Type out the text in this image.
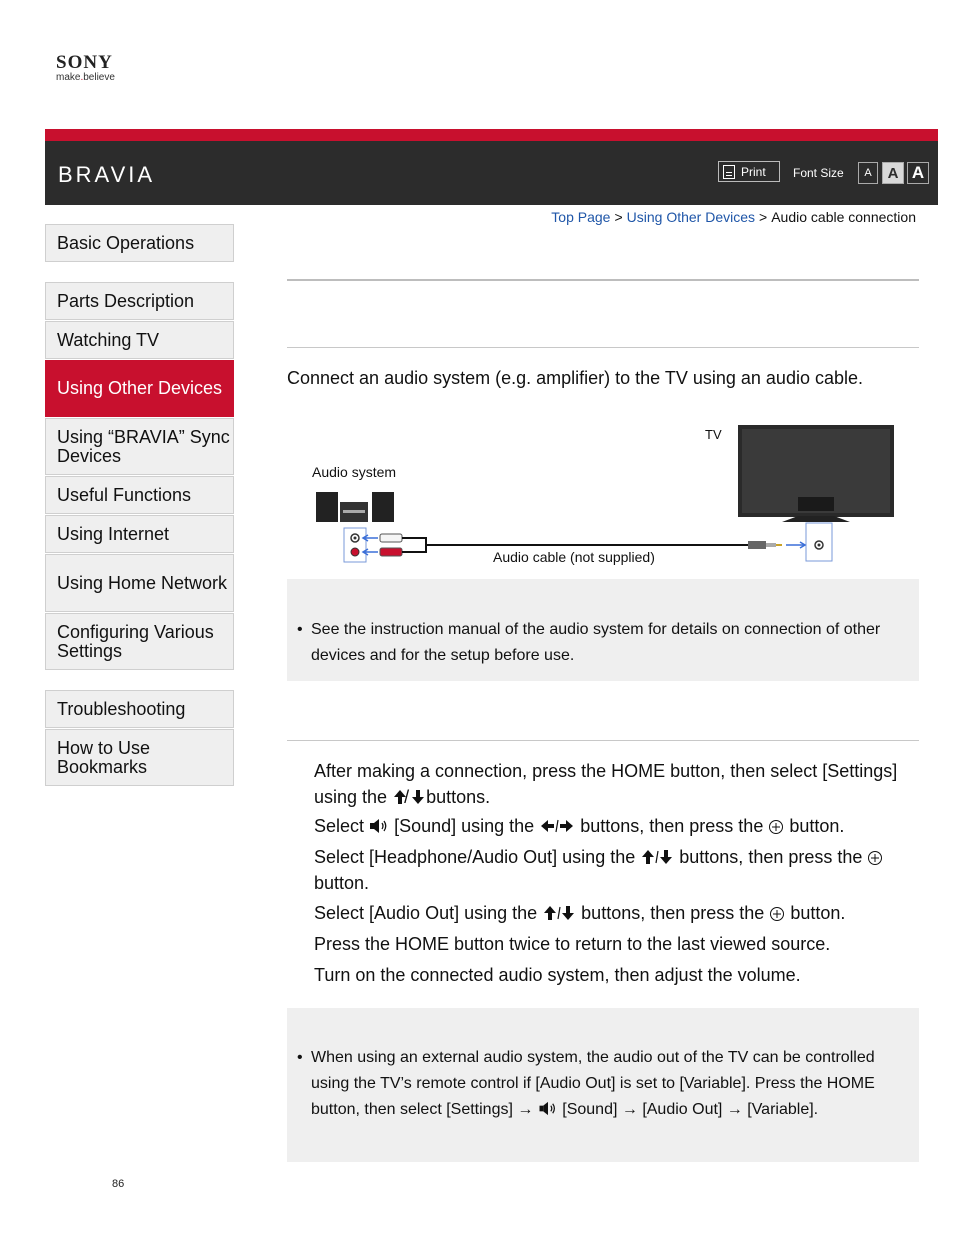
SONY
make.believe
BRAVIA	Print Font Size	A	A A
Top Page > Using Other Devices > Audio cable connection
Basic Operations
Parts Description
Watching TV
Using Other Devices
Using “BRAVIA” Sync Devices
Useful Functions
Using Internet
Using Home Network
Configuring Various Settings
Troubleshooting
How to Use Bookmarks
Connect an audio system (e.g. amplifier) to the TV using an audio cable.
TV
Audio system
Audio cable (not supplied)
• See the instruction manual of the audio system for details on connection of other devices and for the setup before use.
After making a connection, press the HOME button, then select [Settings] using the / buttons.
Select [Sound] using the	buttons, then press the button.
Select [Headphone/Audio Out] using the buttons, then press the  button.
Select [Audio Out] using the buttons, then press the button.
Press the HOME button twice to return to the last viewed source.
Turn on the connected audio system, then adjust the volume.
• When using an external audio system, the audio out of the TV can be controlled using the TV’s remote control if [Audio Out] is set to [Variable]. Press the HOME button, then select [Settings] → [Sound] → [Audio Out] → [Variable].
86
